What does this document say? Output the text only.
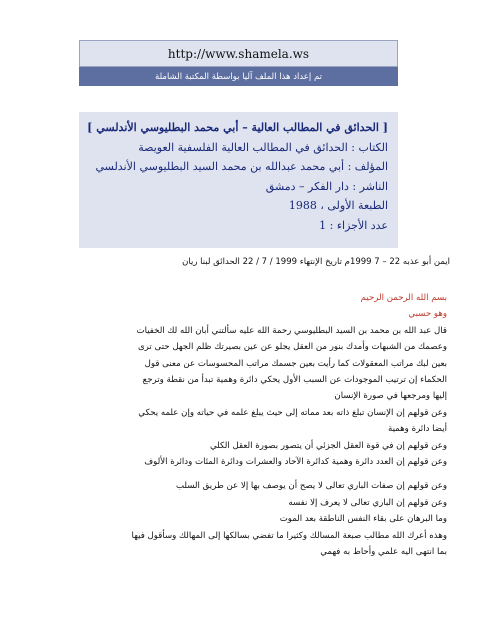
http://www.shamela.ws
تم إعداد هذا الملف آليا بواسطة المكتبة الشاملة
[ الحدائق في المطالب العالية – أبي محمد البطليوسي الأندلسي ]
الكتاب : الحدائق في المطالب العالية الفلسفية العويصة
المؤلف : أبي محمد عبدالله بن محمد السيد البطليوسي الأندلسي
الناشر : دار الفكر – دمشق
الطبعة الأولى ، 1988
عدد الأجزاء : 1
ايمن أبو عذبه 22 – 7 1999م تاريخ الإنتهاء 1999 / 7 / 22 الحدائق لبنا ريان
بسم الله الرحمن الرحيم
وهو حسبي
قال عبد الله بن محمد بن السيد البطليوسي رحمة الله عليه سألتني أبان الله لك الخفيات
وعصمك من الشبهات وأمدك بنور من العقل يجلو عن عين بصيرتك ظلم الجهل حتى ترى
بعين لبك مراتب المعقولات كما رأيت بعين جسمك مراتب المحسوسات عن معنى قول
الحكماء إن ترتيب الموجودات عن السبب الأول يحكي دائرة وهمية تبدأ من نقطة وترجع
إليها ومرجعها في صورة الإنسان
وعن قولهم إن الإنسان تبلغ ذاته بعد مماته إلى حيث يبلغ علمه في حياته وإن علمه يحكي
أيضا دائرة وهمية
وعن قولهم إن في قوة العقل الجزئي أن يتصور بصورة العقل الكلي
وعن قولهم إن العدد دائرة وهمية كدائرة الآحاد والعشرات ودائرة المئات ودائرة الألوف
وعن قولهم إن صفات الباري تعالى لا يصح أن يوصف بها إلا عن طريق السلب
وعن قولهم إن الباري تعالى لا يعرف إلا نفسه
وما البرهان على بقاء النفس الناطقة بعد الموت
وهذه أعرك الله مطالب صبعة المسالك وكثيرا ما تفضي بسالكها إلى المهالك وسأقول فيها
بما انتهى اليه علمي وأحاط به فهمي
